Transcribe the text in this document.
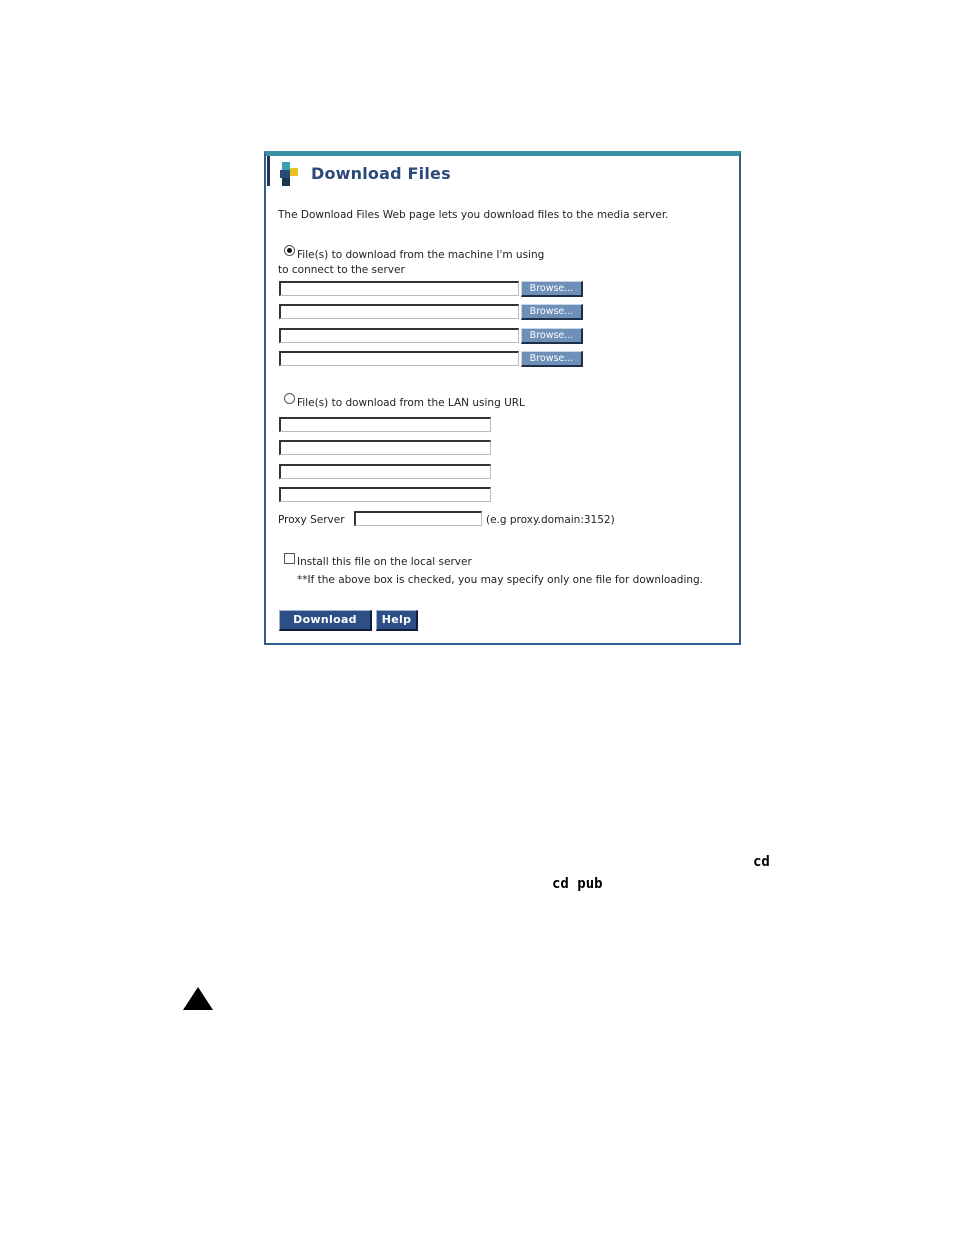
Download Files
The Download Files Web page lets you download files to the media server.
File(s) to download from the machine I'm using
to connect to the server
Browse...
Browse...
Browse...
Browse...
File(s) to download from the LAN using URL
Proxy Server	(e.g proxy.domain:3152)
Install this file on the local server
**If the above box is checked, you may specify only one file for downloading.
Download	Help
cd
cd pub
